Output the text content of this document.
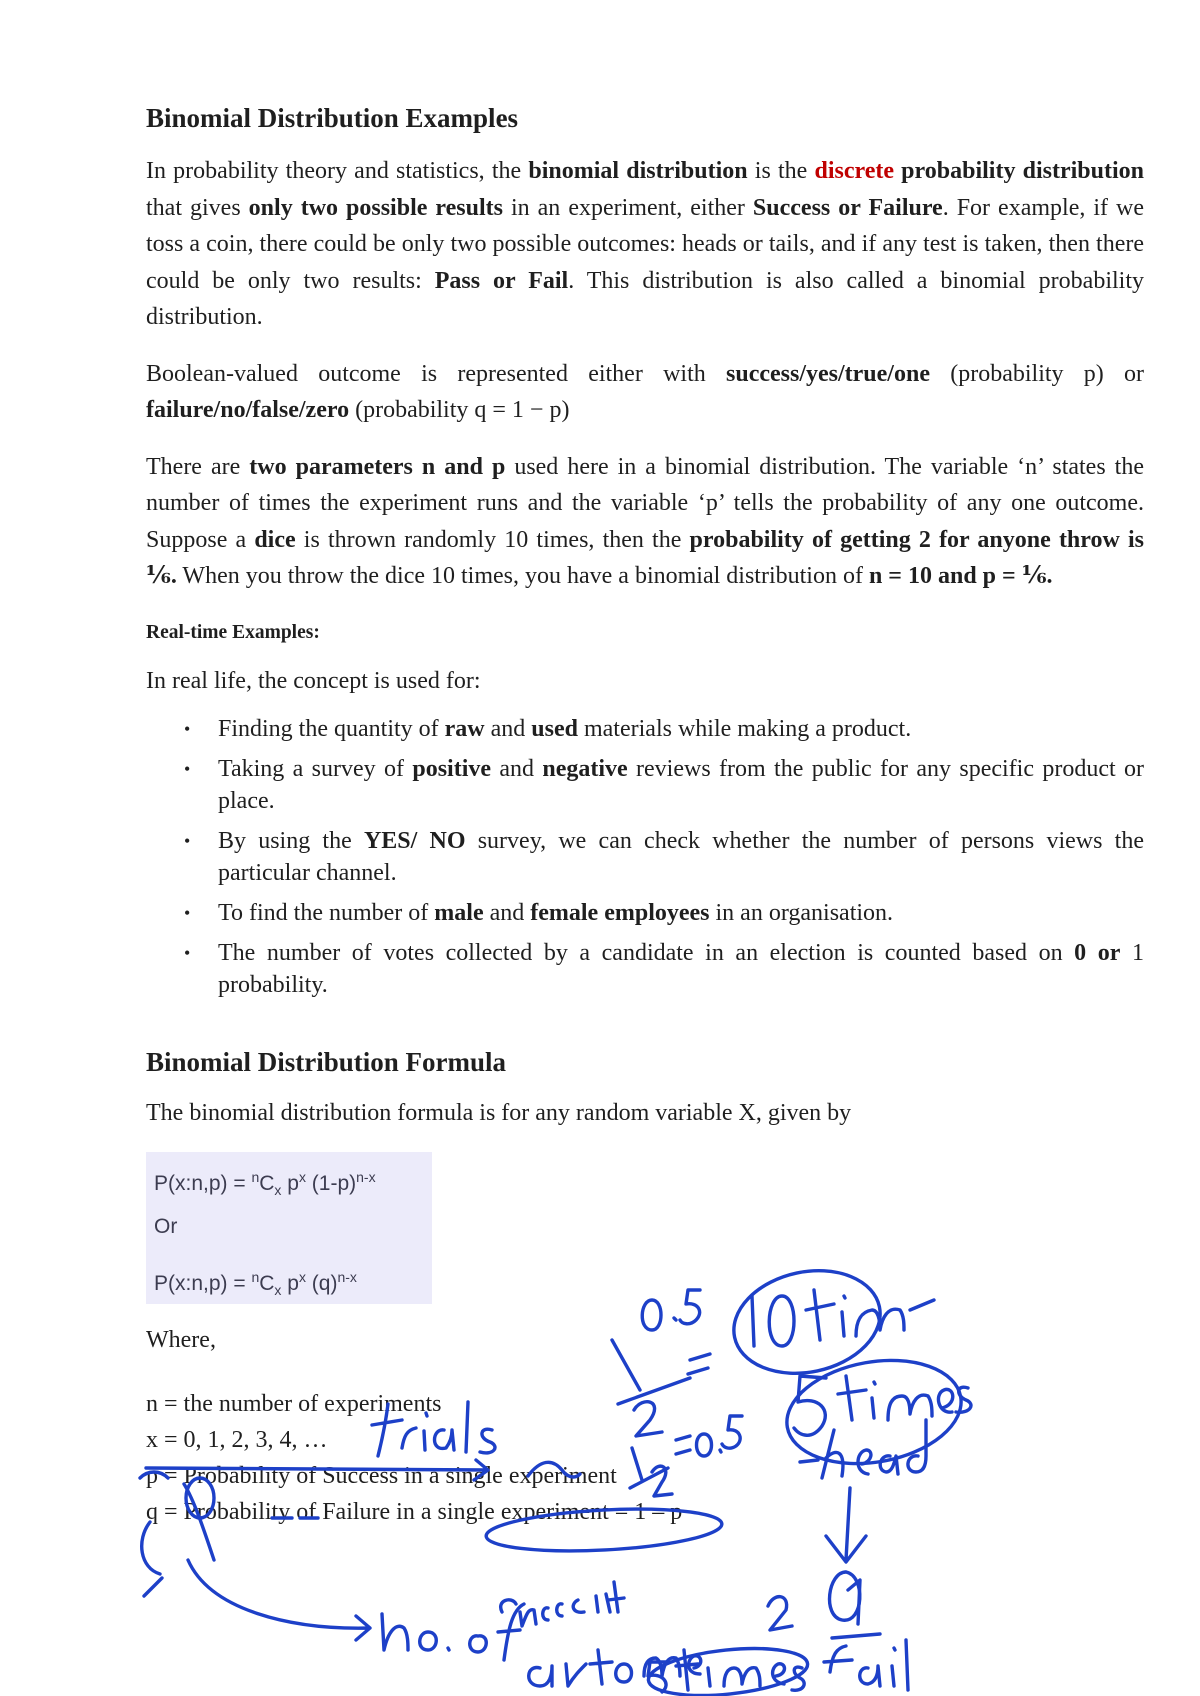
Binomial Distribution Examples

In probability theory and statistics, the binomial distribution is the discrete probability distribution that gives only two possible results in an experiment, either Success or Failure. For example, if we toss a coin, there could be only two possible outcomes: heads or tails, and if any test is taken, then there could be only two results: Pass or Fail. This distribution is also called a binomial probability distribution.

Boolean-valued outcome is represented either with success/yes/true/one (probability p) or failure/no/false/zero (probability q = 1 − p)

There are two parameters n and p used here in a binomial distribution. The variable ‘n’ states the number of times the experiment runs and the variable ‘p’ tells the probability of any one outcome. Suppose a dice is thrown randomly 10 times, then the probability of getting 2 for anyone throw is ⅙. When you throw the dice 10 times, you have a binomial distribution of n = 10 and p = ⅙.

Real-time Examples:

In real life, the concept is used for:

• Finding the quantity of raw and used materials while making a product.
• Taking a survey of positive and negative reviews from the public for any specific product or place.
• By using the YES/ NO survey, we can check whether the number of persons views the particular channel.
• To find the number of male and female employees in an organisation.
• The number of votes collected by a candidate in an election is counted based on 0 or 1 probability.
Binomial Distribution Formula

The binomial distribution formula is for any random variable X, given by

P(x:n,p) = $^nC_x$ $p^x$ $(1-p)^{n-x}$
Or
P(x:n,p) = $^nC_x$ $p^x$ $(q)^{n-x}$

Where,

n = the number of experiments
x = 0, 1, 2, 3, 4, …
p = Probability of Success in a single experiment
q = Probability of Failure in a single experiment = 1 – p
